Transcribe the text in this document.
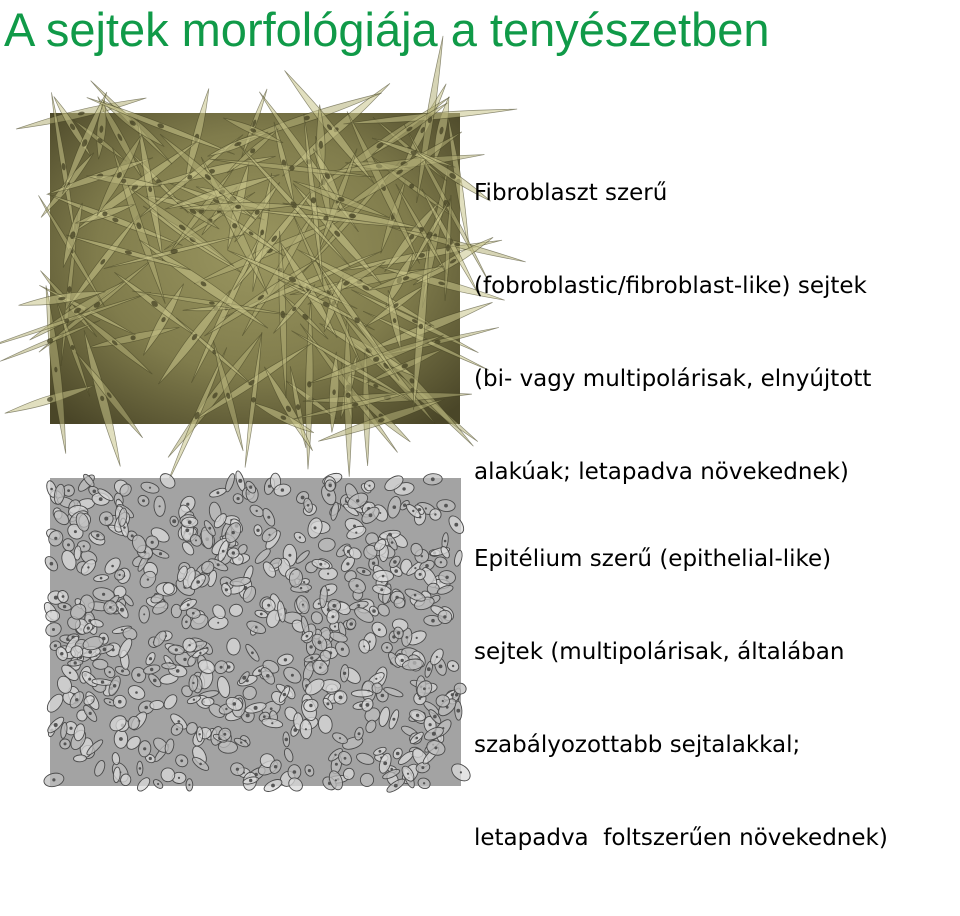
A sejtek morfológiája a tenyészetben

Fibroblaszt szerű

(fobroblastic/fibroblast-like) sejtek

(bi- vagy multipolárisak, elnyújtott

alakúak; letapadva növekednek)

Epitélium szerű (epithelial-like)

sejtek (multipolárisak, általában

szabályozottabb sejtalakkal;

letapadva  foltszerűen növekednek)
